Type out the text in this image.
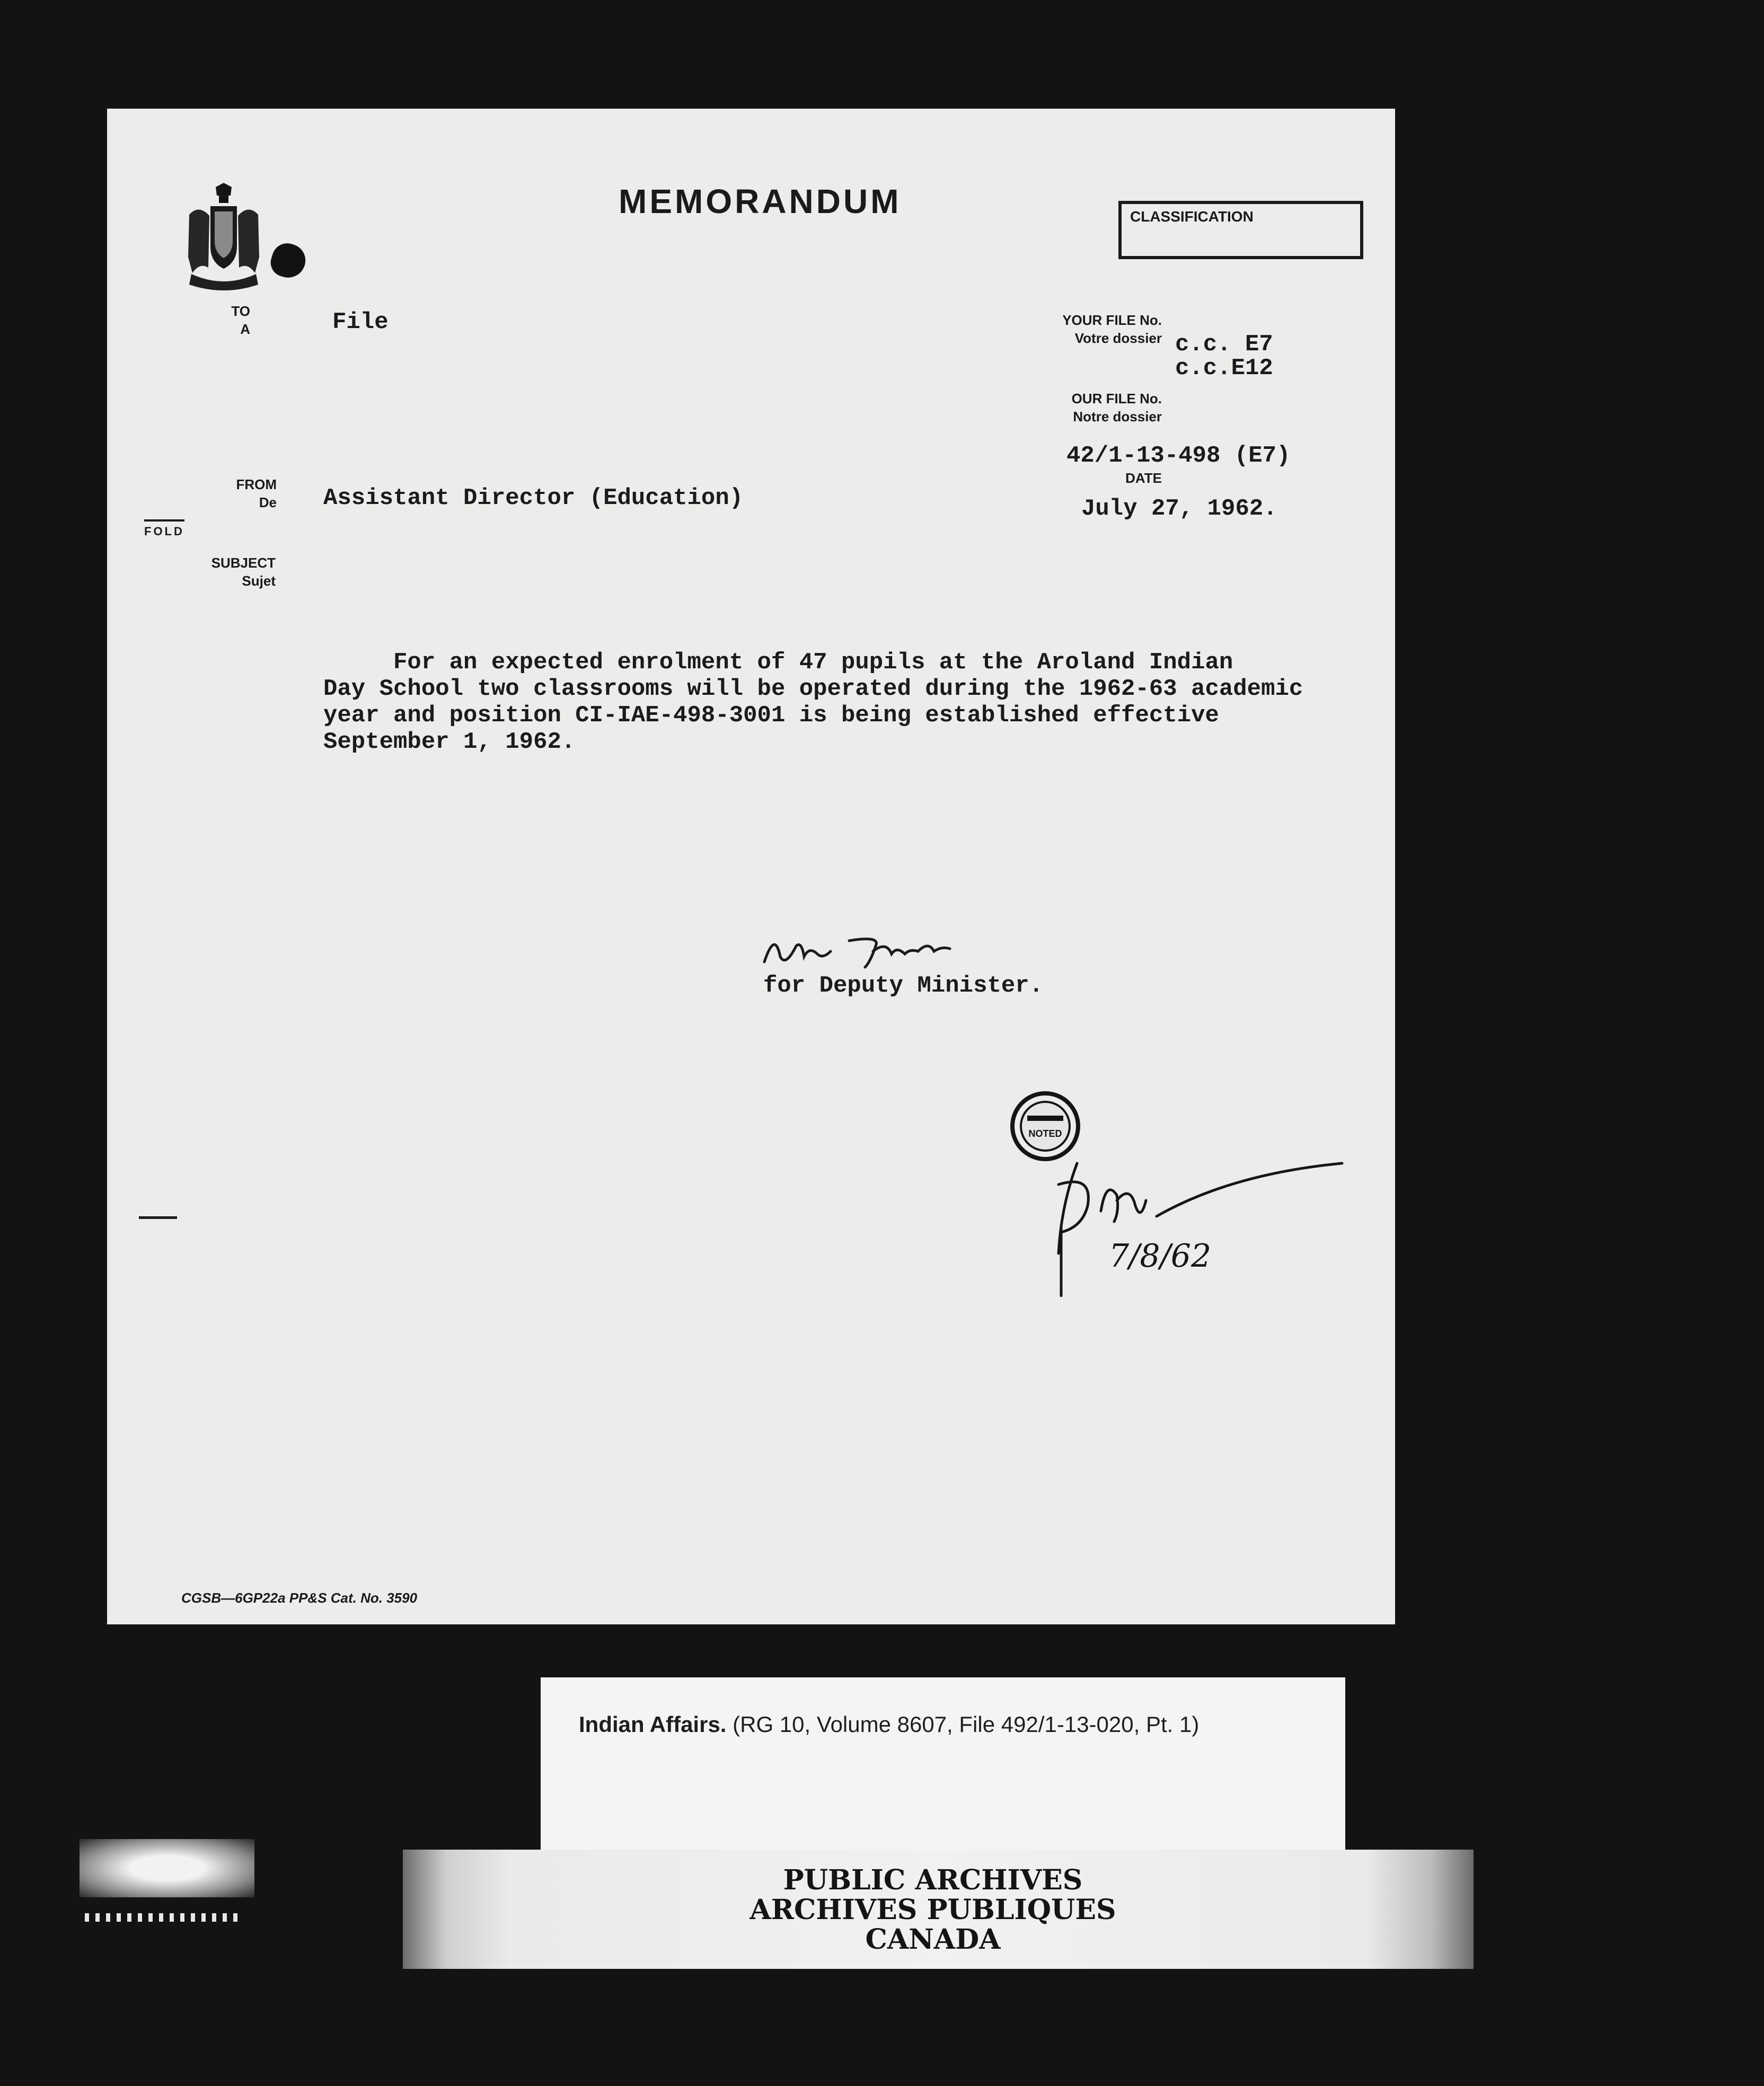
MEMORANDUM	CLASSIFICATION
TO
A	File	YOUR FILE No.
Votre dossier c.c. E7
c.c.E12
OUR FILE No.
Notre dossier
42/1-13-498 (E7)
DATE
July 27, 1962.
FROM
De Assistant Director (Education)
FOLD
SUBJECT
Sujet
For an expected enrolment of 47 pupils at the Aroland Indian
Day School two classrooms will be operated during the 1962-63 academic
year and position CI-IAE-498-3001 is being established effective
September 1, 1962.
for Deputy Minister.
NOTED
7/8/62
CGSB—6GP22a PP&S Cat. No. 3590
Indian Affairs. (RG 10, Volume 8607, File 492/1-13-020, Pt. 1)
PUBLIC ARCHIVES
ARCHIVES PUBLIQUES
CANADA
